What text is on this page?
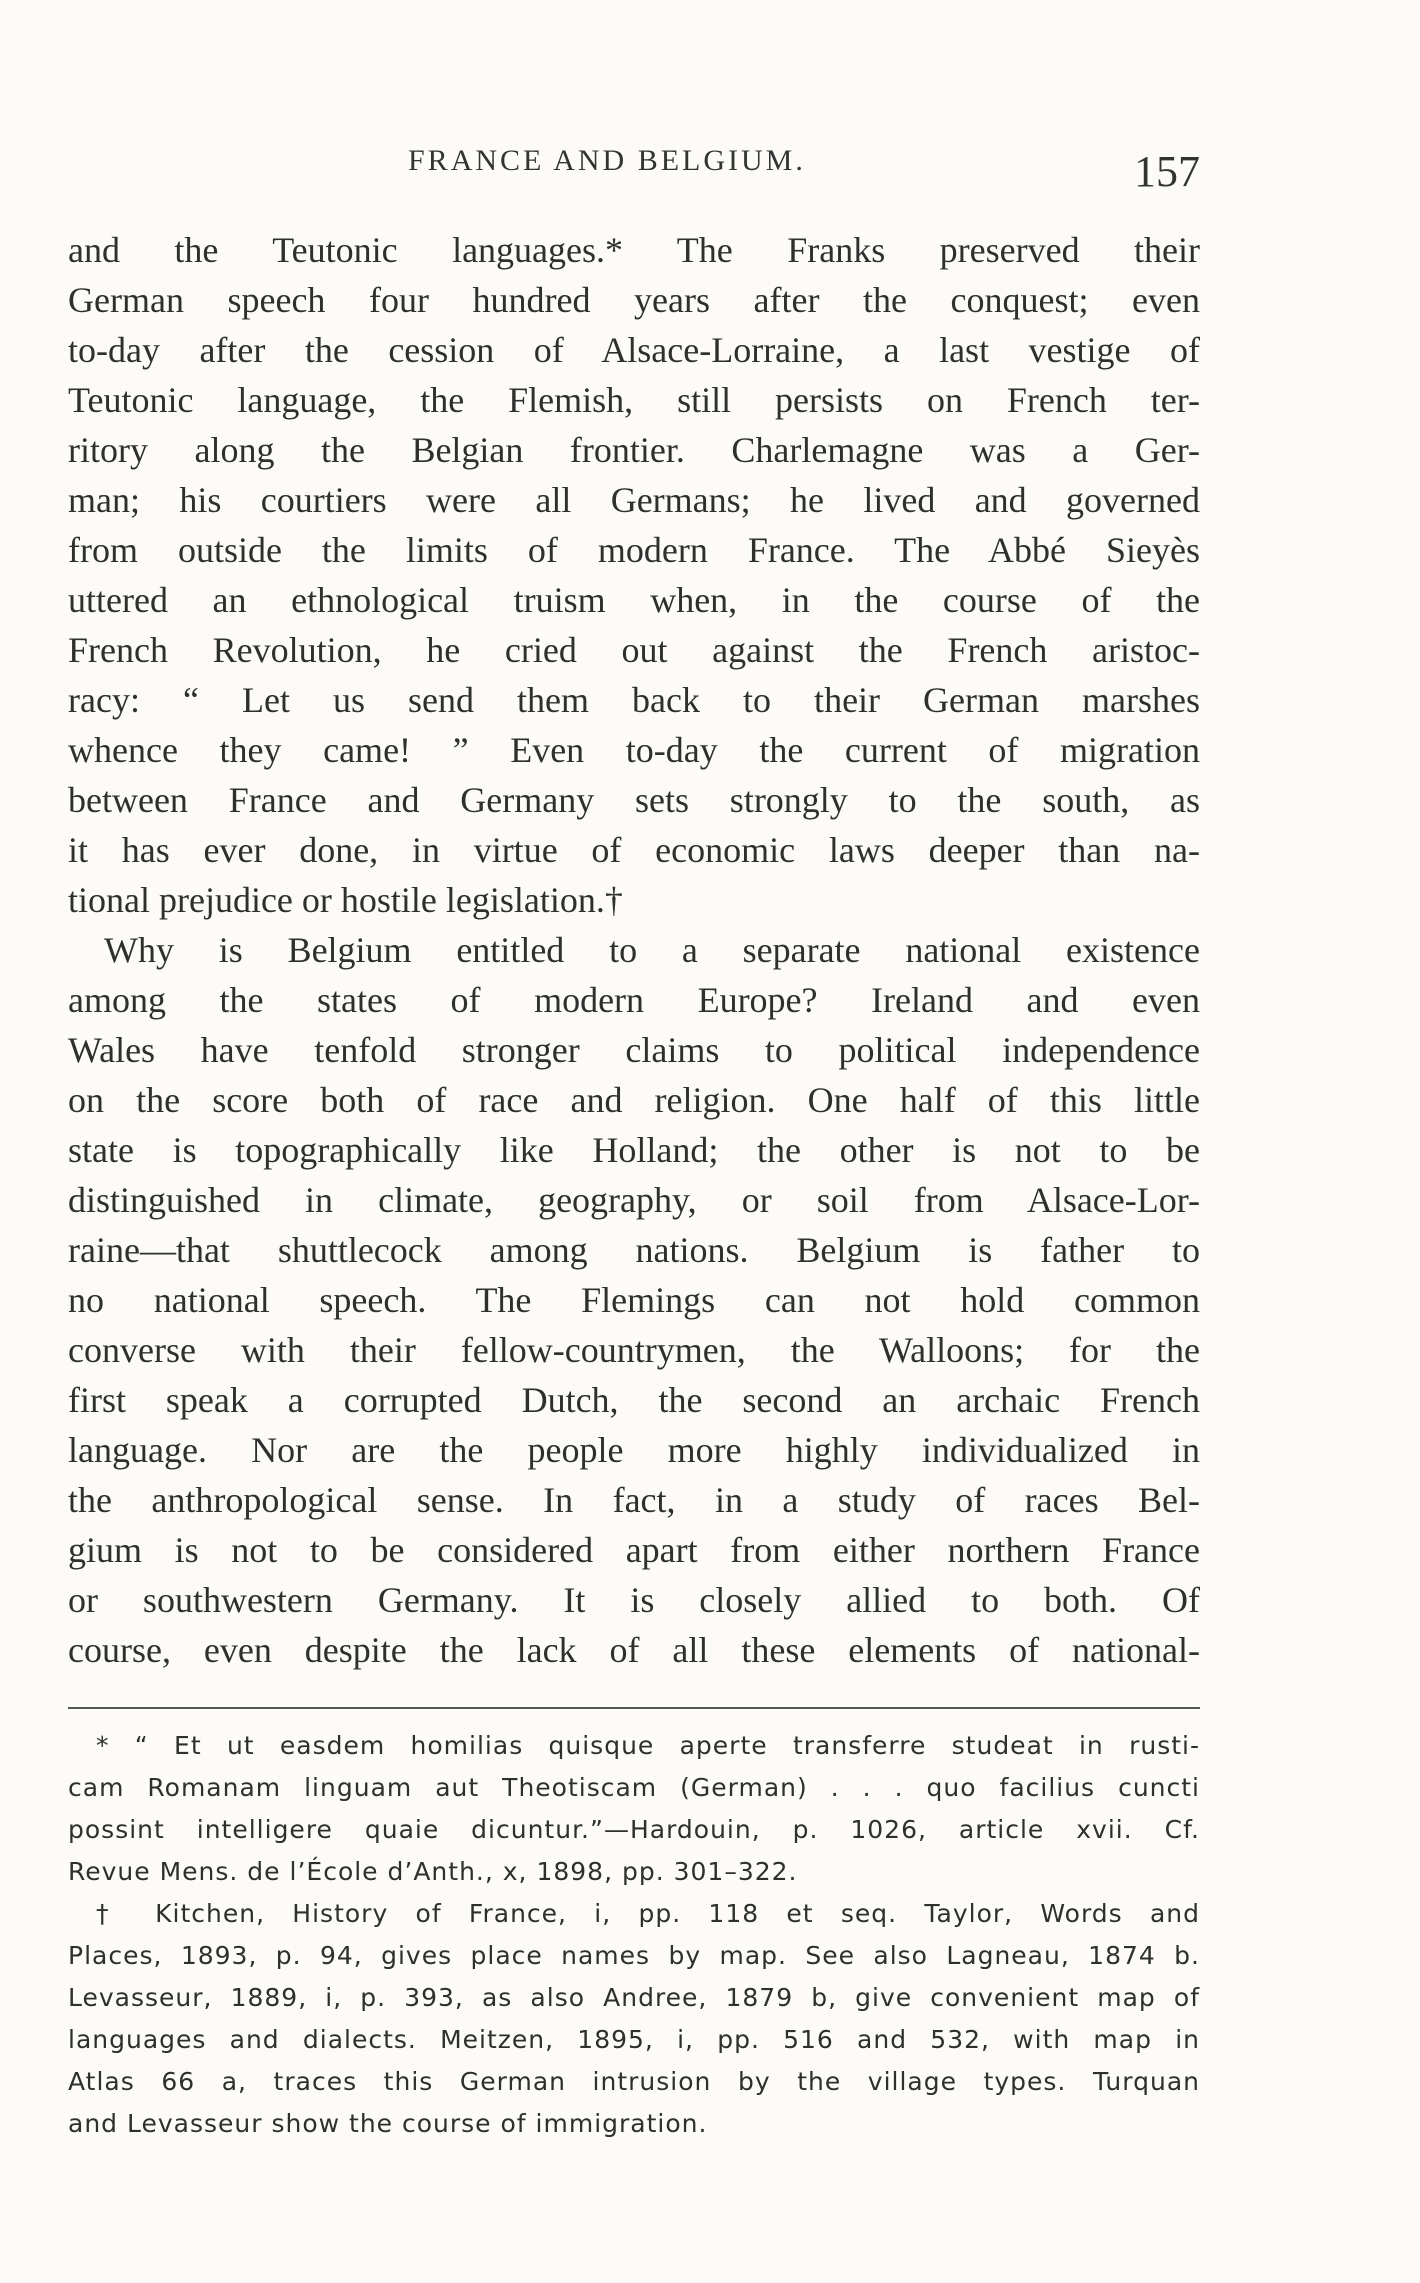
FRANCE AND BELGIUM.	157
and the Teutonic languages.* The Franks preserved their
German speech four hundred years after the conquest; even
to-day after the cession of Alsace-Lorraine, a last vestige of
Teutonic language, the Flemish, still persists on French ter-
ritory along the Belgian frontier. Charlemagne was a Ger-
man; his courtiers were all Germans; he lived and governed
from outside the limits of modern France. The Abbé Sieyès
uttered an ethnological truism when, in the course of the
French Revolution, he cried out against the French aristoc-
racy: “ Let us send them back to their German marshes
whence they came! ” Even to-day the current of migration
between France and Germany sets strongly to the south, as
it has ever done, in virtue of economic laws deeper than na-
tional prejudice or hostile legislation.†
Why is Belgium entitled to a separate national existence
among the states of modern Europe? Ireland and even
Wales have tenfold stronger claims to political independence
on the score both of race and religion. One half of this little
state is topographically like Holland; the other is not to be
distinguished in climate, geography, or soil from Alsace-Lor-
raine—that shuttlecock among nations. Belgium is father to
no national speech. The Flemings can not hold common
converse with their fellow-countrymen, the Walloons; for the
first speak a corrupted Dutch, the second an archaic French
language. Nor are the people more highly individualized in
the anthropological sense. In fact, in a study of races Bel-
gium is not to be considered apart from either northern France
or southwestern Germany. It is closely allied to both. Of
course, even despite the lack of all these elements of national-
* “ Et ut easdem homilias quisque aperte transferre studeat in rusti-
cam Romanam linguam aut Theotiscam (German) . . . quo facilius cuncti
possint intelligere quaie dicuntur.”—Hardouin, p. 1026, article xvii. Cf.
Revue Mens. de l’École d’Anth., x, 1898, pp. 301–322.
† Kitchen, History of France, i, pp. 118 et seq. Taylor, Words and
Places, 1893, p. 94, gives place names by map. See also Lagneau, 1874 b.
Levasseur, 1889, i, p. 393, as also Andree, 1879 b, give convenient map of
languages and dialects. Meitzen, 1895, i, pp. 516 and 532, with map in
Atlas 66 a, traces this German intrusion by the village types. Turquan
and Levasseur show the course of immigration.
